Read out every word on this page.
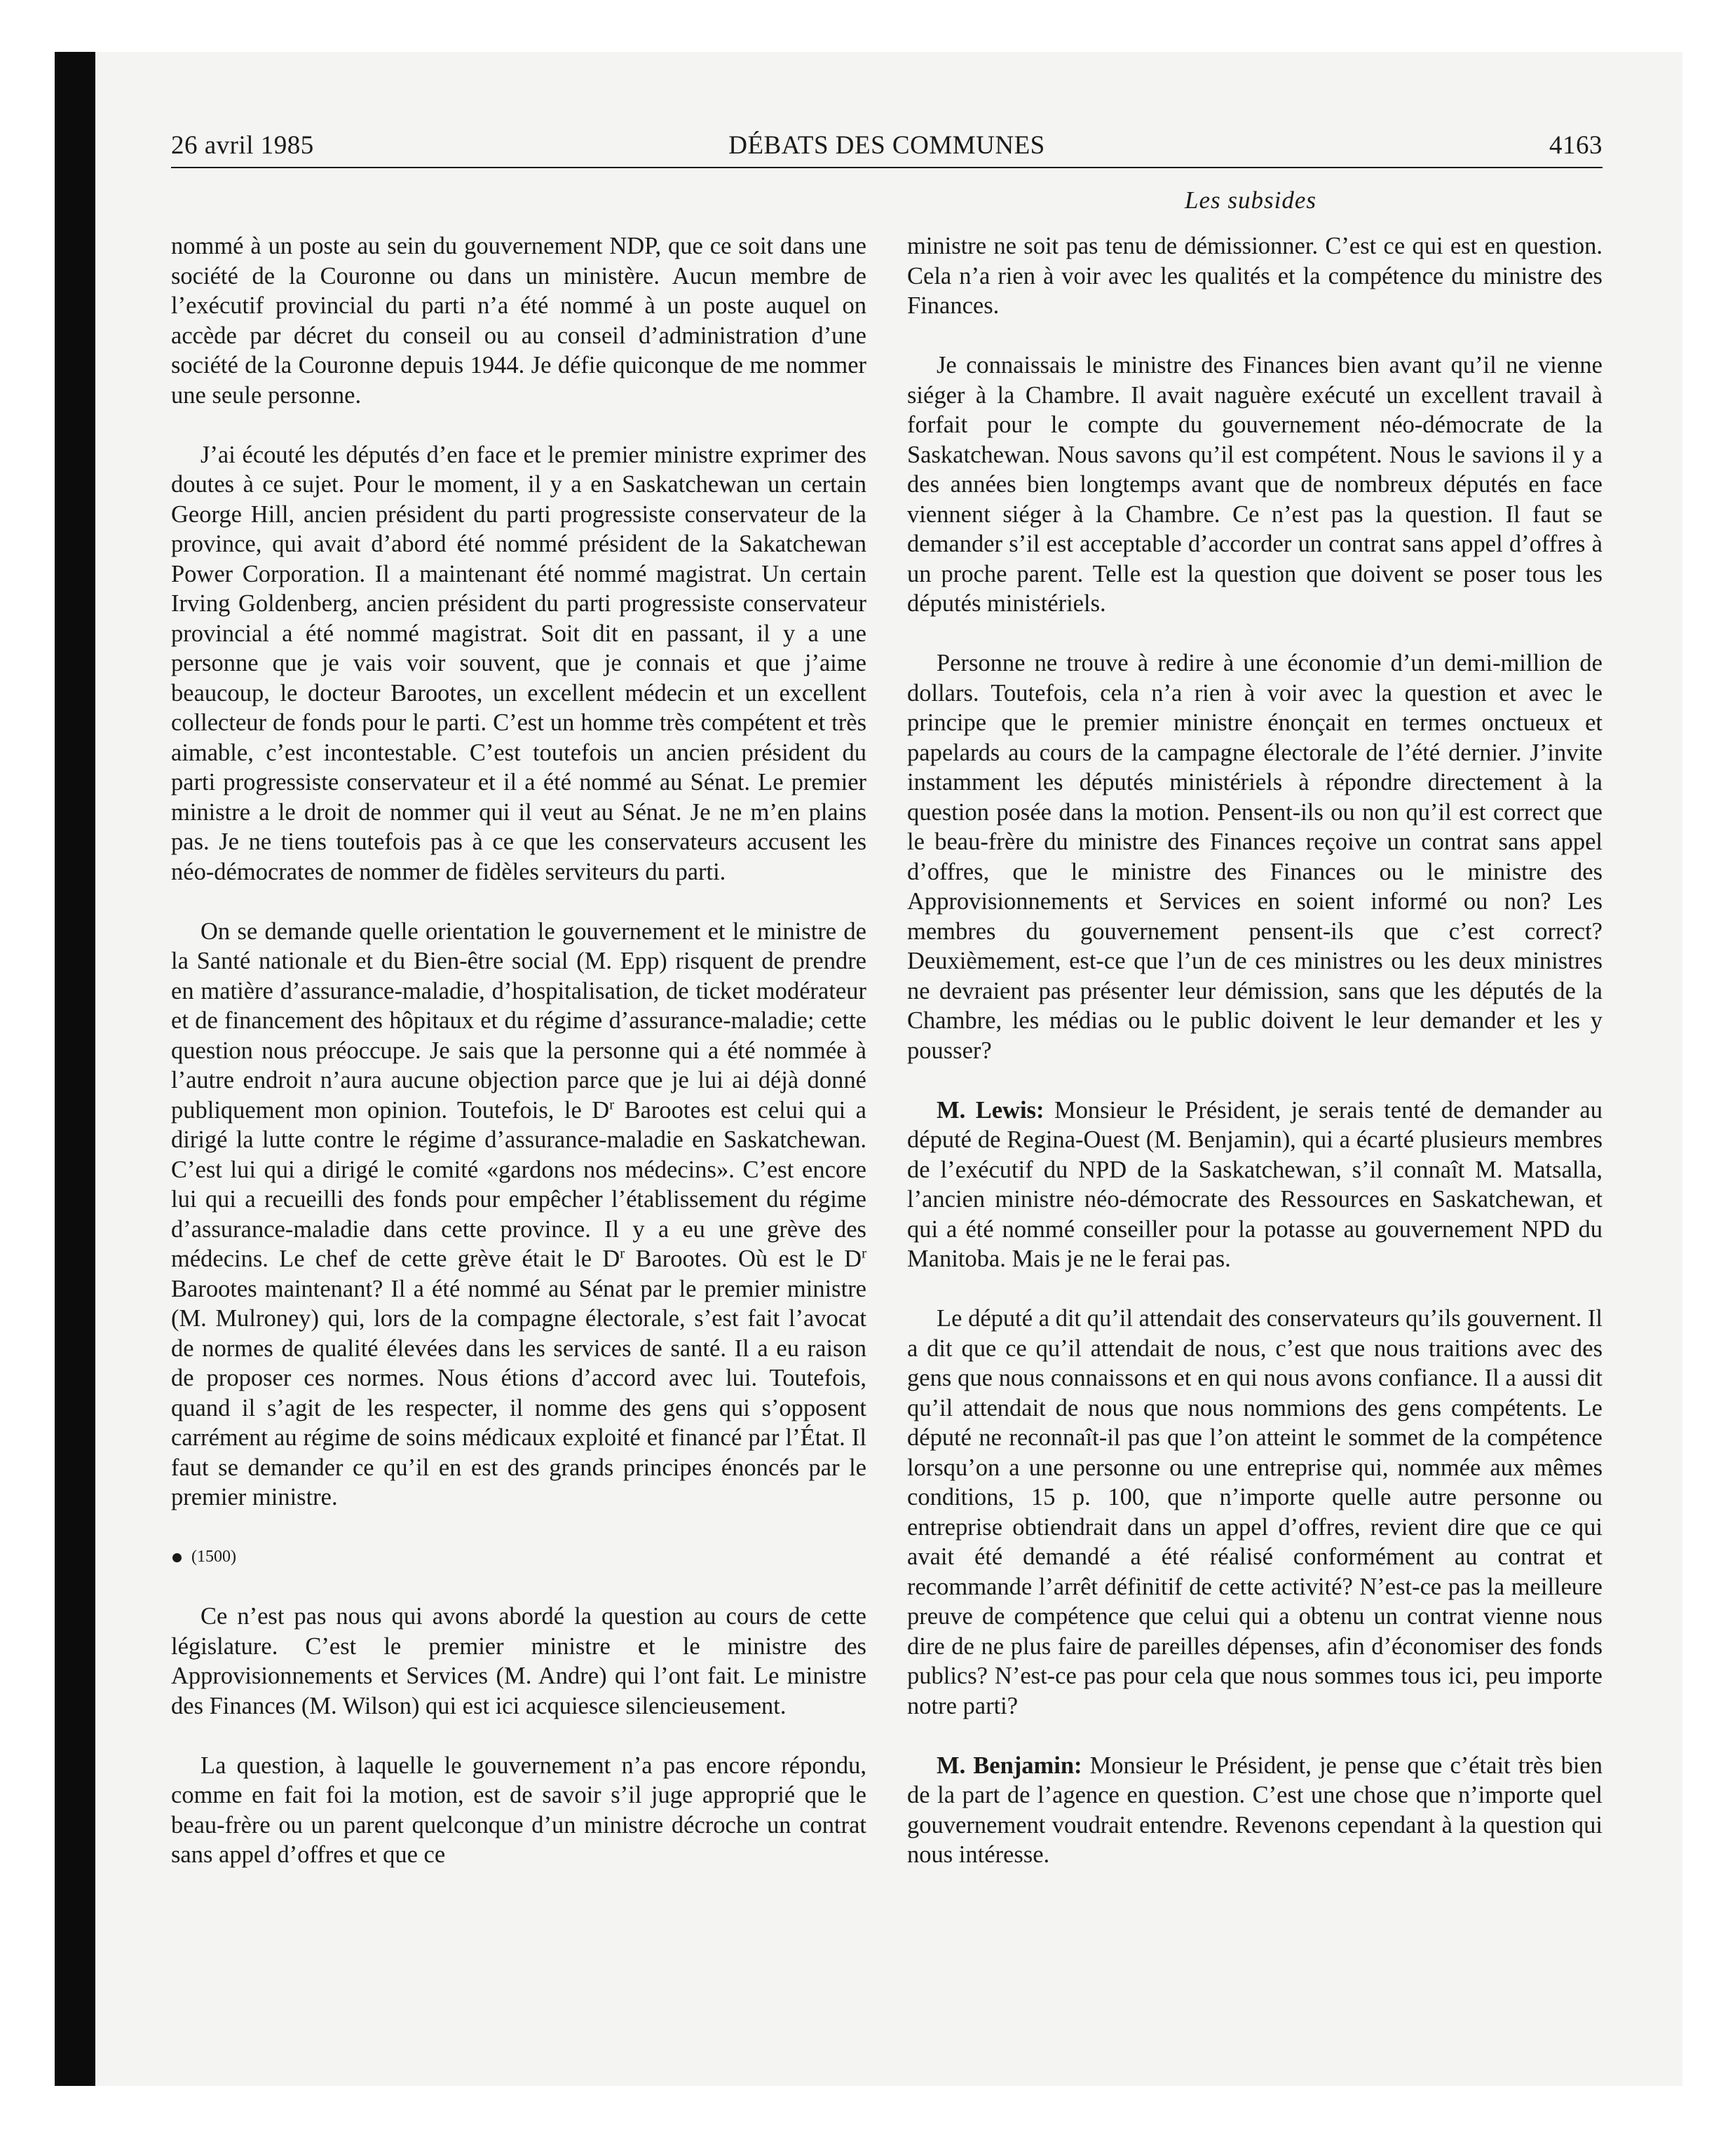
26 avril 1985	DÉBATS DES COMMUNES	4163
Les subsides

nommé à un poste au sein du gouvernement NDP, que ce soit dans une société de la Couronne ou dans un ministère. Aucun membre de l’exécutif provincial du parti n’a été nommé à un poste auquel on accède par décret du conseil ou au conseil d’administration d’une société de la Couronne depuis 1944. Je défie quiconque de me nommer une seule personne.

J’ai écouté les députés d’en face et le premier ministre exprimer des doutes à ce sujet. Pour le moment, il y a en Saskatchewan un certain George Hill, ancien président du parti progressiste conservateur de la province, qui avait d’abord été nommé président de la Sakatchewan Power Corporation. Il a maintenant été nommé magistrat. Un certain Irving Goldenberg, ancien président du parti progressiste conservateur provincial a été nommé magistrat. Soit dit en passant, il y a une personne que je vais voir souvent, que je connais et que j’aime beaucoup, le docteur Barootes, un excellent médecin et un excellent collecteur de fonds pour le parti. C’est un homme très compétent et très aimable, c’est incontestable. C’est toutefois un ancien président du parti progressiste conservateur et il a été nommé au Sénat. Le premier ministre a le droit de nommer qui il veut au Sénat. Je ne m’en plains pas. Je ne tiens toutefois pas à ce que les conservateurs accusent les néo-démocrates de nommer de fidèles serviteurs du parti.

On se demande quelle orientation le gouvernement et le ministre de la Santé nationale et du Bien-être social (M. Epp) risquent de prendre en matière d’assurance-maladie, d’hospitalisation, de ticket modérateur et de financement des hôpitaux et du régime d’assurance-maladie; cette question nous préoccupe. Je sais que la personne qui a été nommée à l’autre endroit n’aura aucune objection parce que je lui ai déjà donné publiquement mon opinion. Toutefois, le $D^r$ Barootes est celui qui a dirigé la lutte contre le régime d’assurance-maladie en Saskatchewan. C’est lui qui a dirigé le comité «gardons nos médecins». C’est encore lui qui a recueilli des fonds pour empêcher l’établissement du régime d’assurance-maladie dans cette province. Il y a eu une grève des médecins. Le chef de cette grève était le $D^r$ Barootes. Où est le $D^r$ Barootes maintenant? Il a été nommé au Sénat par le premier ministre (M. Mulroney) qui, lors de la compagne électorale, s’est fait l’avocat de normes de qualité élevées dans les services de santé. Il a eu raison de proposer ces normes. Nous étions d’accord avec lui. Toutefois, quand il s’agit de les respecter, il nomme des gens qui s’opposent carrément au régime de soins médicaux exploité et financé par l’État. Il faut se demander ce qu’il en est des grands principes énoncés par le premier ministre.

(1500)

Ce n’est pas nous qui avons abordé la question au cours de cette législature. C’est le premier ministre et le ministre des Approvisionnements et Services (M. Andre) qui l’ont fait. Le ministre des Finances (M. Wilson) qui est ici acquiesce silencieusement.

La question, à laquelle le gouvernement n’a pas encore répondu, comme en fait foi la motion, est de savoir s’il juge approprié que le beau-frère ou un parent quelconque d’un ministre décroche un contrat sans appel d’offres et que ce

ministre ne soit pas tenu de démissionner. C’est ce qui est en question. Cela n’a rien à voir avec les qualités et la compétence du ministre des Finances.

Je connaissais le ministre des Finances bien avant qu’il ne vienne siéger à la Chambre. Il avait naguère exécuté un excellent travail à forfait pour le compte du gouvernement néo-démocrate de la Saskatchewan. Nous savons qu’il est compétent. Nous le savions il y a des années bien longtemps avant que de nombreux députés en face viennent siéger à la Chambre. Ce n’est pas la question. Il faut se demander s’il est acceptable d’accorder un contrat sans appel d’offres à un proche parent. Telle est la question que doivent se poser tous les députés ministériels.

Personne ne trouve à redire à une économie d’un demi-million de dollars. Toutefois, cela n’a rien à voir avec la question et avec le principe que le premier ministre énonçait en termes onctueux et papelards au cours de la campagne électorale de l’été dernier. J’invite instamment les députés ministériels à répondre directement à la question posée dans la motion. Pensent-ils ou non qu’il est correct que le beau-frère du ministre des Finances reçoive un contrat sans appel d’offres, que le ministre des Finances ou le ministre des Approvisionnements et Services en soient informé ou non? Les membres du gouvernement pensent-ils que c’est correct? Deuxièmement, est-ce que l’un de ces ministres ou les deux ministres ne devraient pas présenter leur démission, sans que les députés de la Chambre, les médias ou le public doivent le leur demander et les y pousser?

M. Lewis: Monsieur le Président, je serais tenté de demander au député de Regina-Ouest (M. Benjamin), qui a écarté plusieurs membres de l’exécutif du NPD de la Saskatchewan, s’il connaît M. Matsalla, l’ancien ministre néo-démocrate des Ressources en Saskatchewan, et qui a été nommé conseiller pour la potasse au gouvernement NPD du Manitoba. Mais je ne le ferai pas.

Le député a dit qu’il attendait des conservateurs qu’ils gouvernent. Il a dit que ce qu’il attendait de nous, c’est que nous traitions avec des gens que nous connaissons et en qui nous avons confiance. Il a aussi dit qu’il attendait de nous que nous nommions des gens compétents. Le député ne reconnaît-il pas que l’on atteint le sommet de la compétence lorsqu’on a une personne ou une entreprise qui, nommée aux mêmes conditions, 15 p. 100, que n’importe quelle autre personne ou entreprise obtiendrait dans un appel d’offres, revient dire que ce qui avait été demandé a été réalisé conformément au contrat et recommande l’arrêt définitif de cette activité? N’est-ce pas la meilleure preuve de compétence que celui qui a obtenu un contrat vienne nous dire de ne plus faire de pareilles dépenses, afin d’économiser des fonds publics? N’est-ce pas pour cela que nous sommes tous ici, peu importe notre parti?

M. Benjamin: Monsieur le Président, je pense que c’était très bien de la part de l’agence en question. C’est une chose que n’importe quel gouvernement voudrait entendre. Revenons cependant à la question qui nous intéresse.
